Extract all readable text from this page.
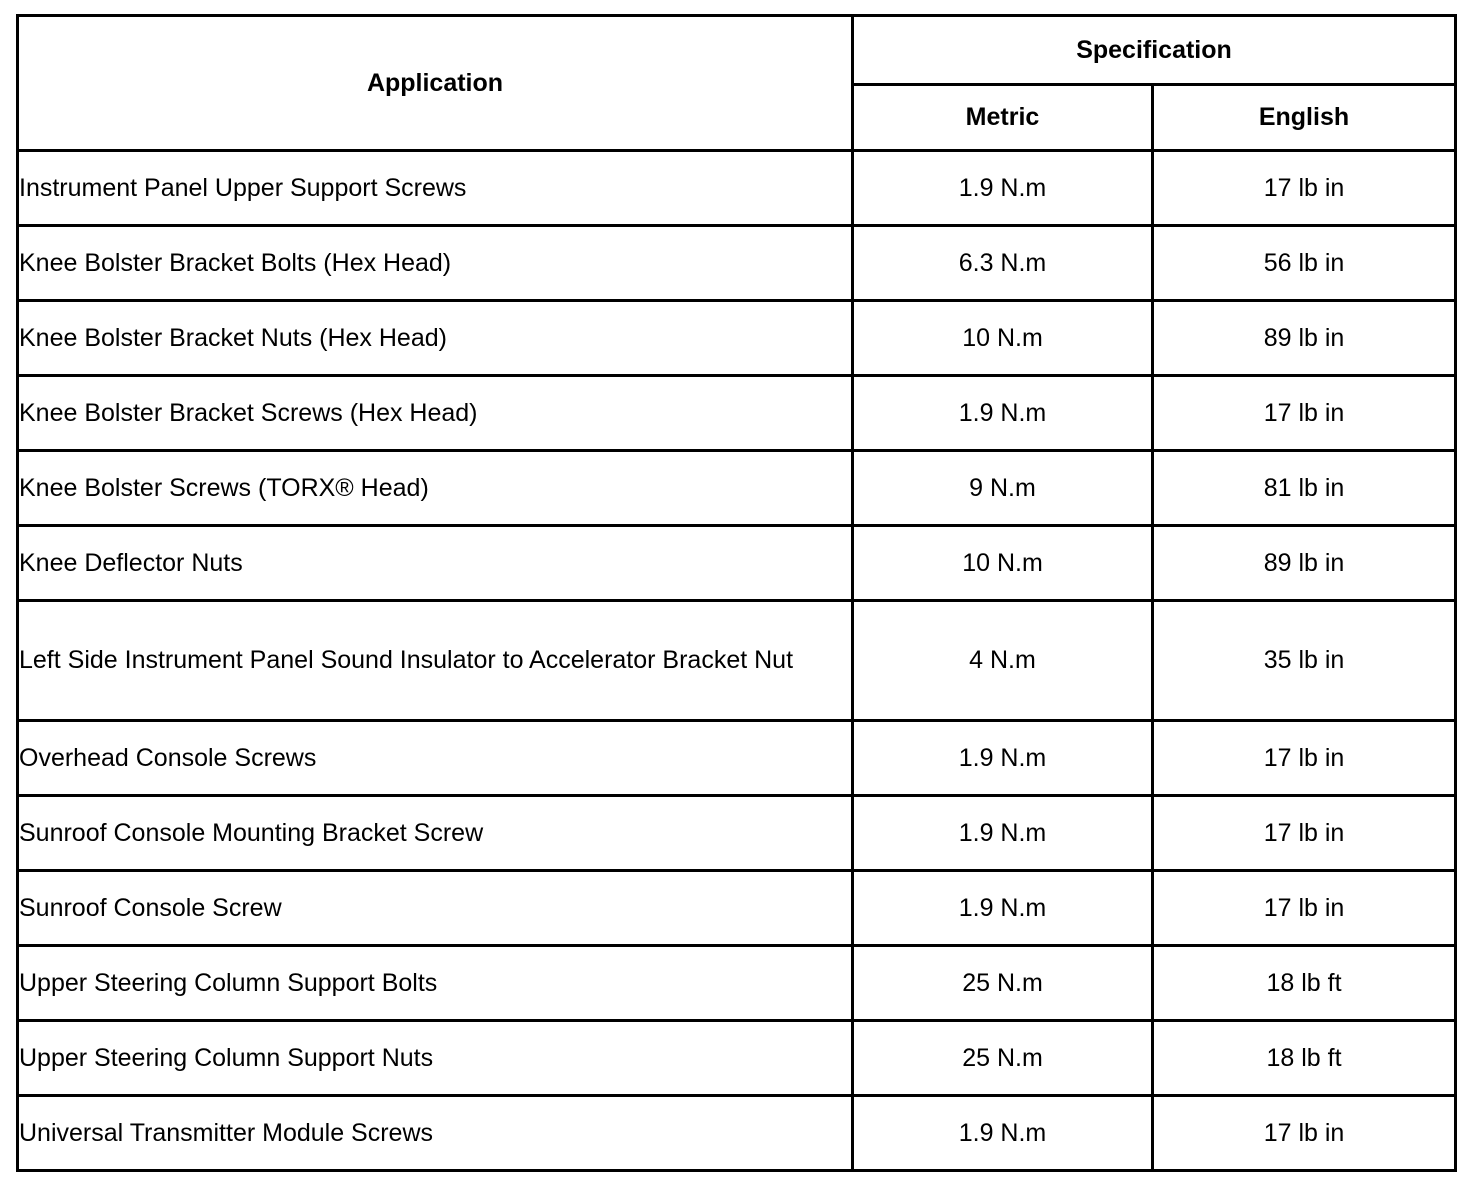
Application	Specification	
	Metric	English
Instrument Panel Upper Support Screws	1.9 N.m	17 lb in
Knee Bolster Bracket Bolts (Hex Head)	6.3 N.m	56 lb in
Knee Bolster Bracket Nuts (Hex Head)	10 N.m	89 lb in
Knee Bolster Bracket Screws (Hex Head)	1.9 N.m	17 lb in
Knee Bolster Screws (TORX® Head)	9 N.m	81 lb in
Knee Deflector Nuts	10 N.m	89 lb in
Left Side Instrument Panel Sound Insulator to Accelerator Bracket Nut	4 N.m	35 lb in
Overhead Console Screws	1.9 N.m	17 lb in
Sunroof Console Mounting Bracket Screw	1.9 N.m	17 lb in
Sunroof Console Screw	1.9 N.m	17 lb in
Upper Steering Column Support Bolts	25 N.m	18 lb ft
Upper Steering Column Support Nuts	25 N.m	18 lb ft
Universal Transmitter Module Screws	1.9 N.m	17 lb in
